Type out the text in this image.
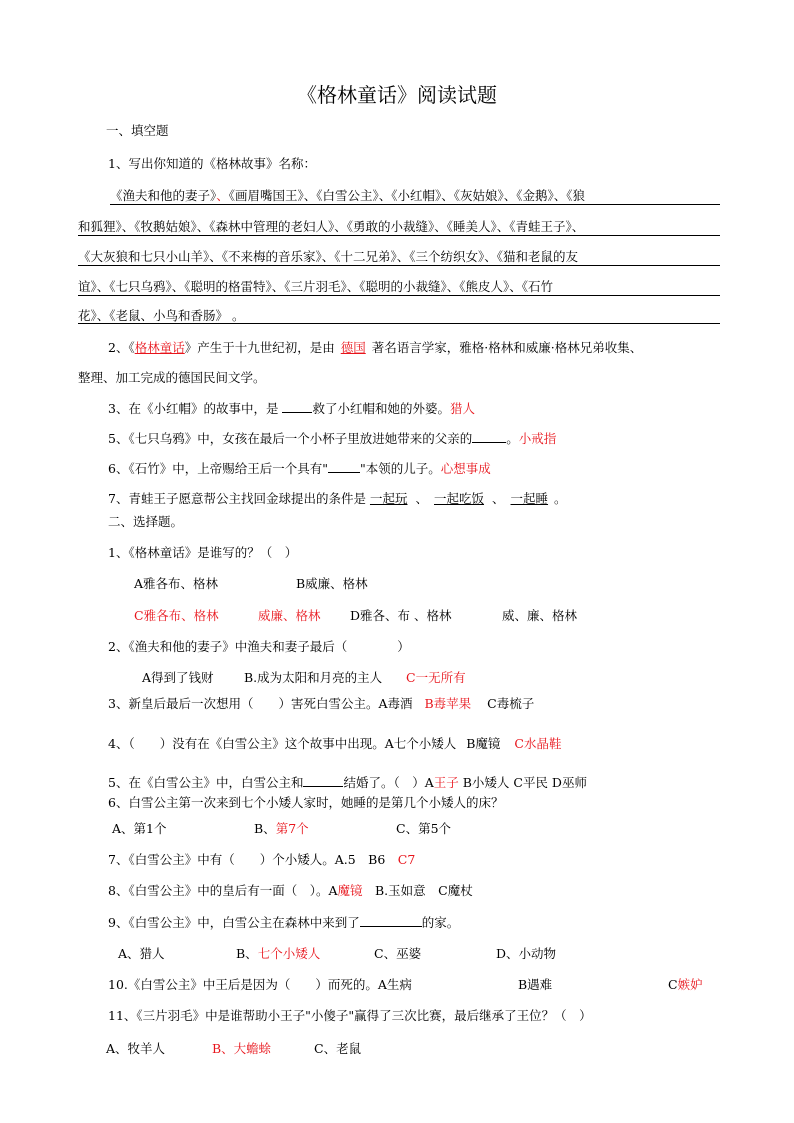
《格林童话》阅读试题
一、填空题
1、写出你知道的《格林故事》名称：
《渔夫和他的妻子》、《画眉嘴国王》、《白雪公主》、《小红帽》、《灰姑娘》、《金鹅》、《狼
和狐狸》、《牧鹅姑娘》、《森林中管理的老妇人》、《勇敢的小裁缝》、《睡美人》、《青蛙王子》、
《大灰狼和七只小山羊》、《不来梅的音乐家》、《十二兄弟》、《三个纺织女》、《猫和老鼠的友
谊》、《七只乌鸦》、《聪明的格雷特》、《三片羽毛》、《聪明的小裁缝》、《熊皮人》、《石竹
花》、《老鼠、小鸟和香肠》 。
2、《格林童话》产生于十九世纪初，是由 德国 著名语言学家，雅格·格林和威廉·格林兄弟收集、
整理、加工完成的德国民间文学。
3、在《小红帽》的故事中，是 救了小红帽和她的外婆。猎人
5、《七只乌鸦》中，女孩在最后一个小杯子里放进她带来的父亲的	。小戒指
6、《石竹》中，上帝赐给王后一个具有"	"本领的儿子。心想事成
7、青蛙王子愿意帮公主找回金球提出的条件是 一起玩 、 一起吃饭 、 一起睡 。
二、选择题。
1、《格林童话》是谁写的？（　）
A雅各布、格林	B威廉、格林
C雅各布、格林	威廉、格林 D雅各、布 、格林	威、廉、格林
2、《渔夫和他的妻子》中渔夫和妻子最后（　　　　）
A得到了钱财 B.成为太阳和月亮的主人 C一无所有
3、新皇后最后一次想用（　　）害死白雪公主。A毒酒 B毒苹果 C毒梳子
4、（　　）没有在《白雪公主》这个故事中出现。A七个小矮人 B魔镜 C水晶鞋
5、在《白雪公主》中，白雪公主和	结婚了。（　）A王子 B小矮人 C平民 D巫师
6、白雪公主第一次来到七个小矮人家时，她睡的是第几个小矮人的床？
A、第1个	B、第7个	C、第5个
7、《白雪公主》中有（　　）个小矮人。A.5　B6　C7
8、《白雪公主》中的皇后有一面（　）。A魔镜　B.玉如意　C魔杖
9、《白雪公主》中，白雪公主在森林中来到了	的家。
A、猎人	B、七个小矮人	C、巫婆	D、小动物
10.《白雪公主》中王后是因为（　　）而死的。A生病	B遇难	C嫉妒
11、《三片羽毛》中是谁帮助小王子"小傻子"赢得了三次比赛，最后继承了王位？（　）
A、牧羊人	B、大蟾蜍	C、老鼠
